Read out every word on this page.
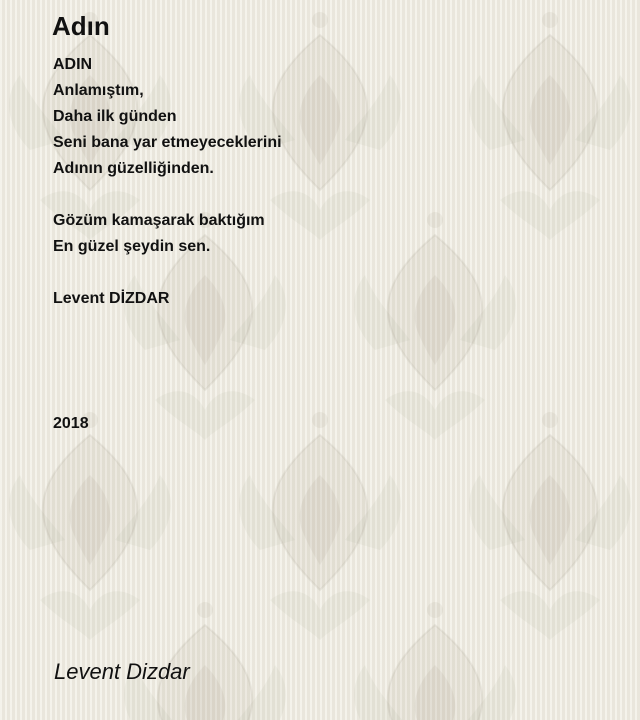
Adın
ADIN
Anlamıştım,
Daha ilk günden
Seni bana yar etmeyeceklerini
Adının güzelliğinden.
Gözüm kamaşarak baktığım
En güzel şeydin sen.
Levent DİZDAR
2018
Levent Dizdar
